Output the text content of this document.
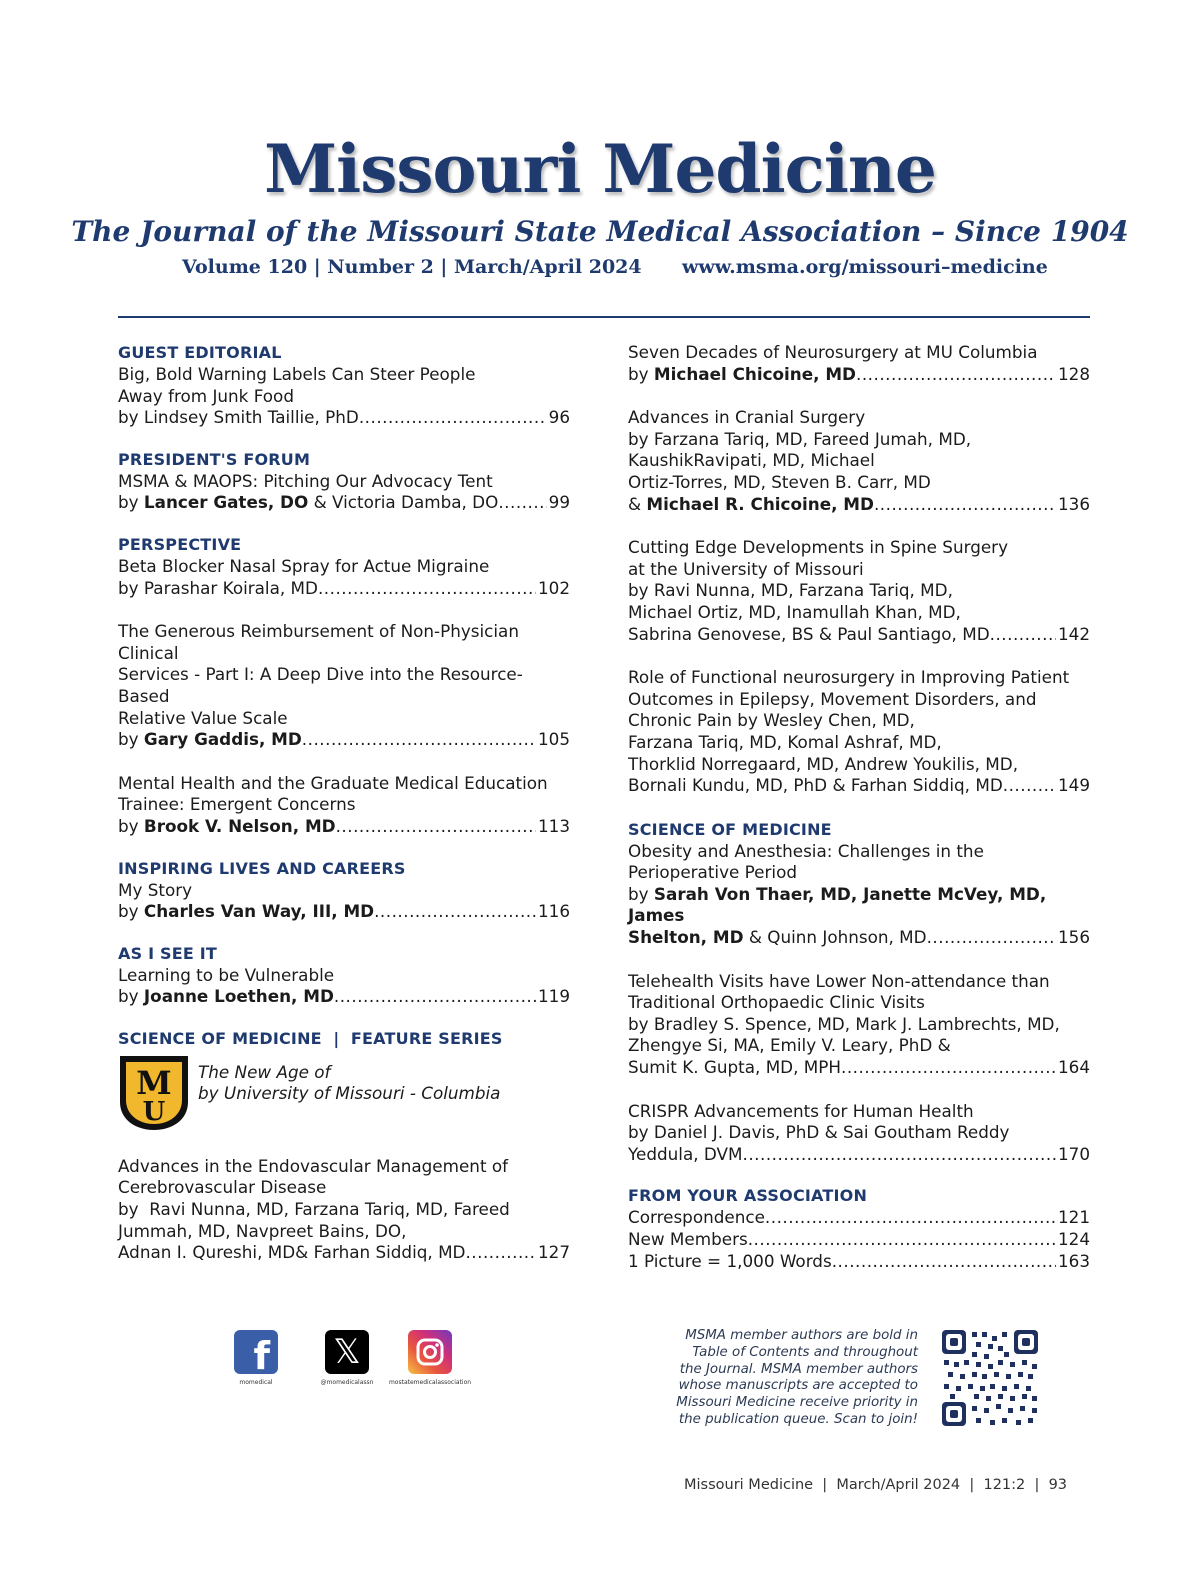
Missouri Medicine
The Journal of the Missouri State Medical Association – Since 1904
Volume 120 | Number 2 | March/April 2024 www.msma.org/missouri–medicine
GUEST EDITORIAL
Big, Bold Warning Labels Can Steer People
Away from Junk Food
by Lindsey Smith Taillie, PhD .....	96
PRESIDENT'S FORUM
MSMA & MAOPS: Pitching Our Advocacy Tent
by Lancer Gates, DO & Victoria Damba, DO .....	99
PERSPECTIVE
Beta Blocker Nasal Spray for Actue Migraine
by Parashar Koirala, MD .....	102
The Generous Reimbursement of Non-Physician Clinical
Services - Part I: A Deep Dive into the Resource-Based
Relative Value Scale
by Gary Gaddis, MD .....	105
Mental Health and the Graduate Medical Education
Trainee: Emergent Concerns
by Brook V. Nelson, MD .....	113
INSPIRING LIVES AND CAREERS
My Story
by Charles Van Way, III, MD .....	116
AS I SEE IT
Learning to be Vulnerable
by Joanne Loethen, MD .....	119
SCIENCE OF MEDICINE  |  FEATURE SERIES
M
U
The New Age of
by University of Missouri - Columbia
Advances in the Endovascular Management of
Cerebrovascular Disease
by  Ravi Nunna, MD, Farzana Tariq, MD, Fareed
Jummah, MD, Navpreet Bains, DO,
Adnan I. Qureshi, MD& Farhan Siddiq, MD .....	127
Seven Decades of Neurosurgery at MU Columbia
by Michael Chicoine, MD .....	128
Advances in Cranial Surgery
by Farzana Tariq, MD, Fareed Jumah, MD,
KaushikRavipati, MD, Michael
Ortiz-Torres, MD, Steven B. Carr, MD
& Michael R. Chicoine, MD .....	136
Cutting Edge Developments in Spine Surgery
at the University of Missouri
by Ravi Nunna, MD, Farzana Tariq, MD,
Michael Ortiz, MD, Inamullah Khan, MD,
Sabrina Genovese, BS & Paul Santiago, MD .....	142
Role of Functional neurosurgery in Improving Patient
Outcomes in Epilepsy, Movement Disorders, and
Chronic Pain by Wesley Chen, MD,
Farzana Tariq, MD, Komal Ashraf, MD,
Thorklid Norregaard, MD, Andrew Youkilis, MD,
Bornali Kundu, MD, PhD & Farhan Siddiq, MD .....	149
SCIENCE OF MEDICINE
Obesity and Anesthesia: Challenges in the
Perioperative Period
by Sarah Von Thaer, MD, Janette McVey, MD, James
Shelton, MD & Quinn Johnson, MD .....	156
Telehealth Visits have Lower Non-attendance than
Traditional Orthopaedic Clinic Visits
by Bradley S. Spence, MD, Mark J. Lambrechts, MD,
Zhengye Si, MA, Emily V. Leary, PhD &
Sumit K. Gupta, MD, MPH .....	164
CRISPR Advancements for Human Health
by Daniel J. Davis, PhD & Sai Goutham Reddy
Yeddula, DVM .....	170
FROM YOUR ASSOCIATION
Correspondence .....	121
New Members .....	124
1 Picture = 1,000 Words .....	163
f
momedical
𝕏
@momedicalassn	mostatemedicalassociation
MSMA member authors are bold in
Table of Contents and throughout
the Journal. MSMA member authors
whose manuscripts are accepted to
Missouri Medicine receive priority in
the publication queue. Scan to join!
Missouri Medicine  |  March/April 2024  |  121:2  |  93
